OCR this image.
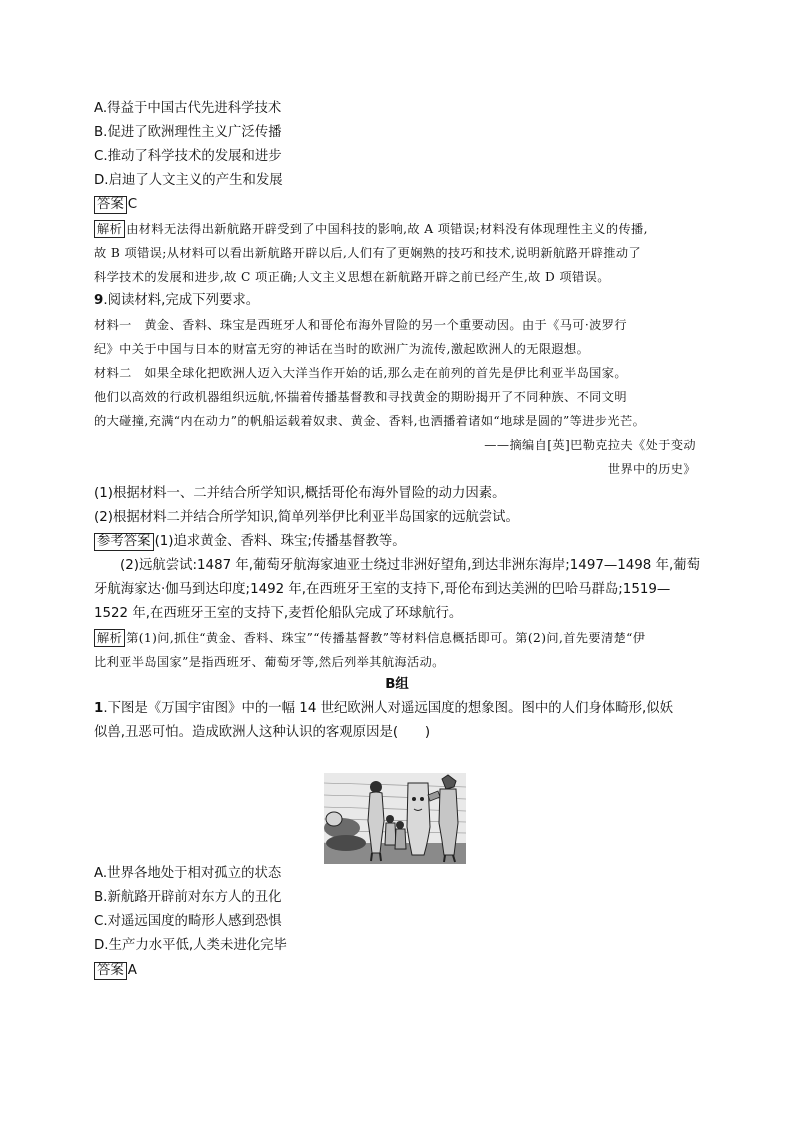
A.得益于中国古代先进科学技术
B.促进了欧洲理性主义广泛传播
C.推动了科学技术的发展和进步
D.启迪了人文主义的产生和发展
答案 C
解析 由材料无法得出新航路开辟受到了中国科技的影响,故 A 项错误;材料没有体现理性主义的传播,
故 B 项错误;从材料可以看出新航路开辟以后,人们有了更娴熟的技巧和技术,说明新航路开辟推动了
科学技术的发展和进步,故 C 项正确;人文主义思想在新航路开辟之前已经产生,故 D 项错误。
9.阅读材料,完成下列要求。
材料一　黄金、香料、珠宝是西班牙人和哥伦布海外冒险的另一个重要动因。由于《马可·波罗行
纪》中关于中国与日本的财富无穷的神话在当时的欧洲广为流传,激起欧洲人的无限遐想。
材料二　如果全球化把欧洲人迈入大洋当作开始的话,那么走在前列的首先是伊比利亚半岛国家。
他们以高效的行政机器组织远航,怀揣着传播基督教和寻找黄金的期盼揭开了不同种族、不同文明
的大碰撞,充满“内在动力”的帆船运载着奴隶、黄金、香料,也洒播着诸如“地球是圆的”等进步光芒。
——摘编自[英]巴勒克拉夫《处于变动
世界中的历史》
(1)根据材料一、二并结合所学知识,概括哥伦布海外冒险的动力因素。
(2)根据材料二并结合所学知识,简单列举伊比利亚半岛国家的远航尝试。
参考答案 (1)追求黄金、香料、珠宝;传播基督教等。
(2)远航尝试:1487 年,葡萄牙航海家迪亚士绕过非洲好望角,到达非洲东海岸;1497—1498 年,葡萄
牙航海家达·伽马到达印度;1492 年,在西班牙王室的支持下,哥伦布到达美洲的巴哈马群岛;1519—
1522 年,在西班牙王室的支持下,麦哲伦船队完成了环球航行。
解析 第(1)问,抓住“黄金、香料、珠宝”“传播基督教”等材料信息概括即可。第(2)问,首先要清楚“伊
比利亚半岛国家”是指西班牙、葡萄牙等,然后列举其航海活动。
B组
1.下图是《万国宇宙图》中的一幅 14 世纪欧洲人对遥远国度的想象图。图中的人们身体畸形,似妖
似兽,丑恶可怕。造成欧洲人这种认识的客观原因是(　　)
A.世界各地处于相对孤立的状态
B.新航路开辟前对东方人的丑化
C.对遥远国度的畸形人感到恐惧
D.生产力水平低,人类未进化完毕
答案 A
